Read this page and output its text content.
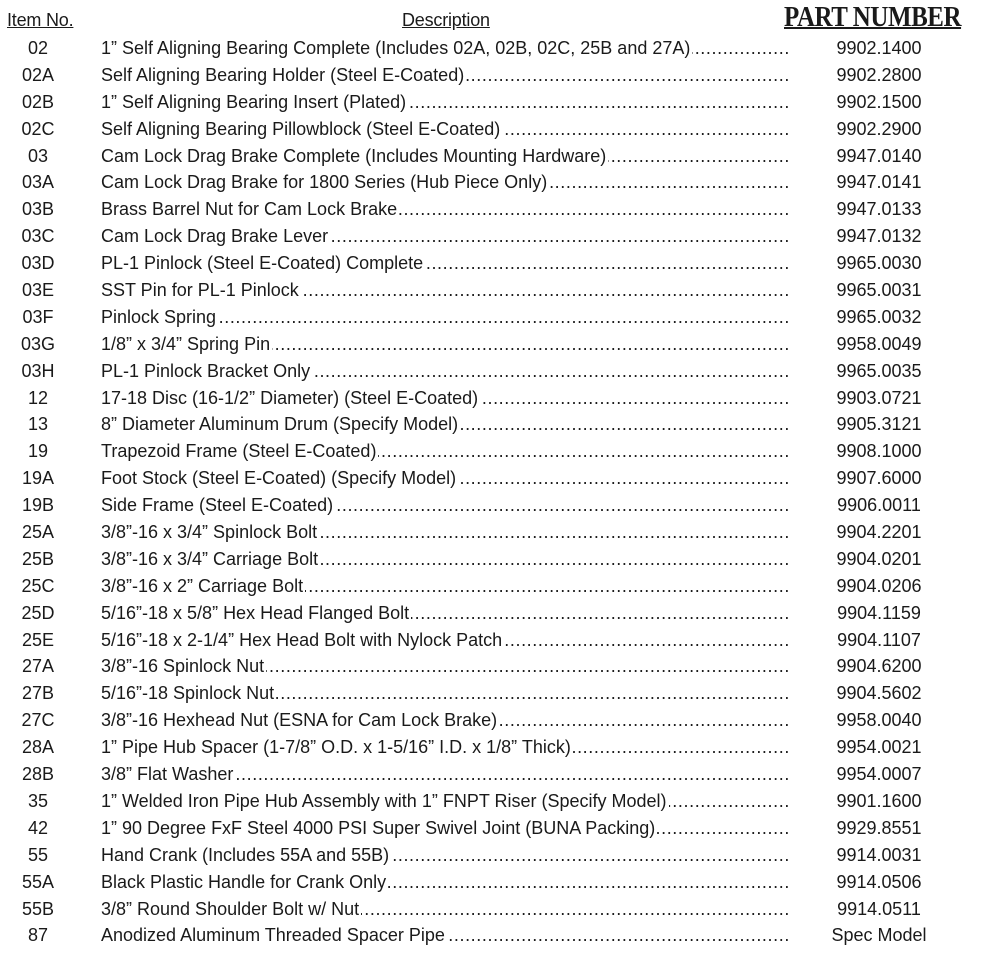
Item No.	Description	PART NUMBER
02	1” Self Aligning Bearing Complete (Includes 02A, 02B, 02C, 25B and 27A) .....	9902.1400
02A	Self Aligning Bearing Holder (Steel E-Coated) .....	9902.2800
02B	1” Self Aligning Bearing Insert (Plated) .....	9902.1500
02C	Self Aligning Bearing Pillowblock (Steel E-Coated) .....	9902.2900
03	Cam Lock Drag Brake Complete (Includes Mounting Hardware) .....	9947.0140
03A	Cam Lock Drag Brake for 1800 Series (Hub Piece Only) .....	9947.0141
03B	Brass Barrel Nut for Cam Lock Brake .....	9947.0133
03C	Cam Lock Drag Brake Lever .....	9947.0132
03D	PL-1 Pinlock (Steel E-Coated) Complete .....	9965.0030
03E	SST Pin for PL-1 Pinlock .....	9965.0031
03F	Pinlock Spring .....	9965.0032
03G	1/8” x 3/4” Spring Pin .....	9958.0049
03H	PL-1 Pinlock Bracket Only .....	9965.0035
12	17-18 Disc (16-1/2” Diameter) (Steel E-Coated) .....	9903.0721
13	8” Diameter Aluminum Drum (Specify Model) .....	9905.3121
19	Trapezoid Frame (Steel E-Coated) .....	9908.1000
19A	Foot Stock (Steel E-Coated) (Specify Model) .....	9907.6000
19B	Side Frame (Steel E-Coated) .....	9906.0011
25A	3/8”-16 x 3/4” Spinlock Bolt .....	9904.2201
25B	3/8”-16 x 3/4” Carriage Bolt .....	9904.0201
25C	3/8”-16 x 2” Carriage Bolt .....	9904.0206
25D	5/16”-18 x 5/8” Hex Head Flanged Bolt .....	9904.1159
25E	5/16”-18 x 2-1/4” Hex Head Bolt with Nylock Patch .....	9904.1107
27A	3/8”-16 Spinlock Nut .....	9904.6200
27B	5/16”-18 Spinlock Nut .....	9904.5602
27C	3/8”-16 Hexhead Nut (ESNA for Cam Lock Brake) .....	9958.0040
28A	1” Pipe Hub Spacer (1-7/8” O.D. x 1-5/16” I.D. x 1/8” Thick) .....	9954.0021
28B	3/8” Flat Washer .....	9954.0007
35	1” Welded Iron Pipe Hub Assembly with 1” FNPT Riser (Specify Model) .....	9901.1600
42	1” 90 Degree FxF Steel 4000 PSI Super Swivel Joint (BUNA Packing) .....	9929.8551
55	Hand Crank (Includes 55A and 55B) .....	9914.0031
55A	Black Plastic Handle for Crank Only .....	9914.0506
55B	3/8” Round Shoulder Bolt w/ Nut .....	9914.0511
87	Anodized Aluminum Threaded Spacer Pipe .....	Spec Model
